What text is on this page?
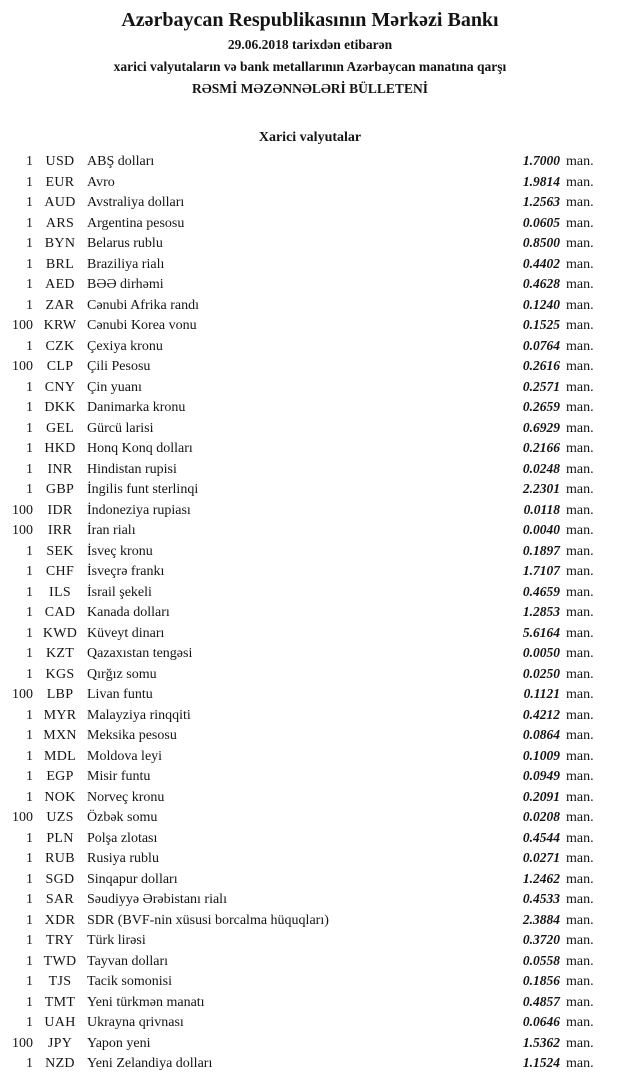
Azərbaycan Respublikasının Mərkəzi Bankı
29.06.2018 tarixdən etibarən
xarici valyutaların və bank metallarının Azərbaycan manatına qarşı
RƏSMİ MƏZƏNNƏLƏRİ BÜLLETENİ
Xarici valyutalar
1 USD ABŞ dolları	1.7000 man.
1 EUR Avro	1.9814 man.
1 AUD Avstraliya dolları	1.2563 man.
1 ARS Argentina pesosu	0.0605 man.
1 BYN Belarus rublu	0.8500 man.
1 BRL Braziliya rialı	0.4402 man.
1 AED BƏƏ dirhəmi	0.4628 man.
1 ZAR Cənubi Afrika randı	0.1240 man.
100 KRW Cənubi Korea vonu	0.1525 man.
1 CZK Çexiya kronu	0.0764 man.
100 CLP Çili Pesosu	0.2616 man.
1 CNY Çin yuanı	0.2571 man.
1 DKK Danimarka kronu	0.2659 man.
1 GEL Gürcü larisi	0.6929 man.
1 HKD Honq Konq dolları	0.2166 man.
1	INR	Hindistan rupisi	0.0248 man.
1 GBP İngilis funt sterlinqi	2.2301 man.
100	IDR	İndoneziya rupiası	0.0118 man.
100	IRR	İran rialı	0.0040 man.
1 SEK İsveç kronu	0.1897 man.
1 CHF İsveçrə frankı	1.7107 man.
1	ILS	İsrail şekeli	0.4659 man.
1 CAD Kanada dolları	1.2853 man.
1 KWD Küveyt dinarı	5.6164 man.
1 KZT Qazaxıstan tengəsi	0.0050 man.
1 KGS Qırğız somu	0.0250 man.
100 LBP Livan funtu	0.1121 man.
1 MYR Malayziya rinqqiti	0.4212 man.
1 MXN Meksika pesosu	0.0864 man.
1 MDL Moldova leyi	0.1009 man.
1 EGP Misir funtu	0.0949 man.
1 NOK Norveç kronu	0.2091 man.
100 UZS Özbək somu	0.0208 man.
1 PLN Polşa zlotası	0.4544 man.
1 RUB Rusiya rublu	0.0271 man.
1 SGD Sinqapur dolları	1.2462 man.
1 SAR Səudiyyə Ərəbistanı rialı	0.4533 man.
1 XDR SDR (BVF-nin xüsusi borcalma hüquqları)	2.3884 man.
1 TRY Türk lirəsi	0.3720 man.
1 TWD Tayvan dolları	0.0558 man.
1	TJS	Tacik somonisi	0.1856 man.
1 TMT Yeni türkmən manatı	0.4857 man.
1 UAH Ukrayna qrivnası	0.0646 man.
100	JPY	Yapon yeni	1.5362 man.
1 NZD Yeni Zelandiya dolları	1.1524 man.
